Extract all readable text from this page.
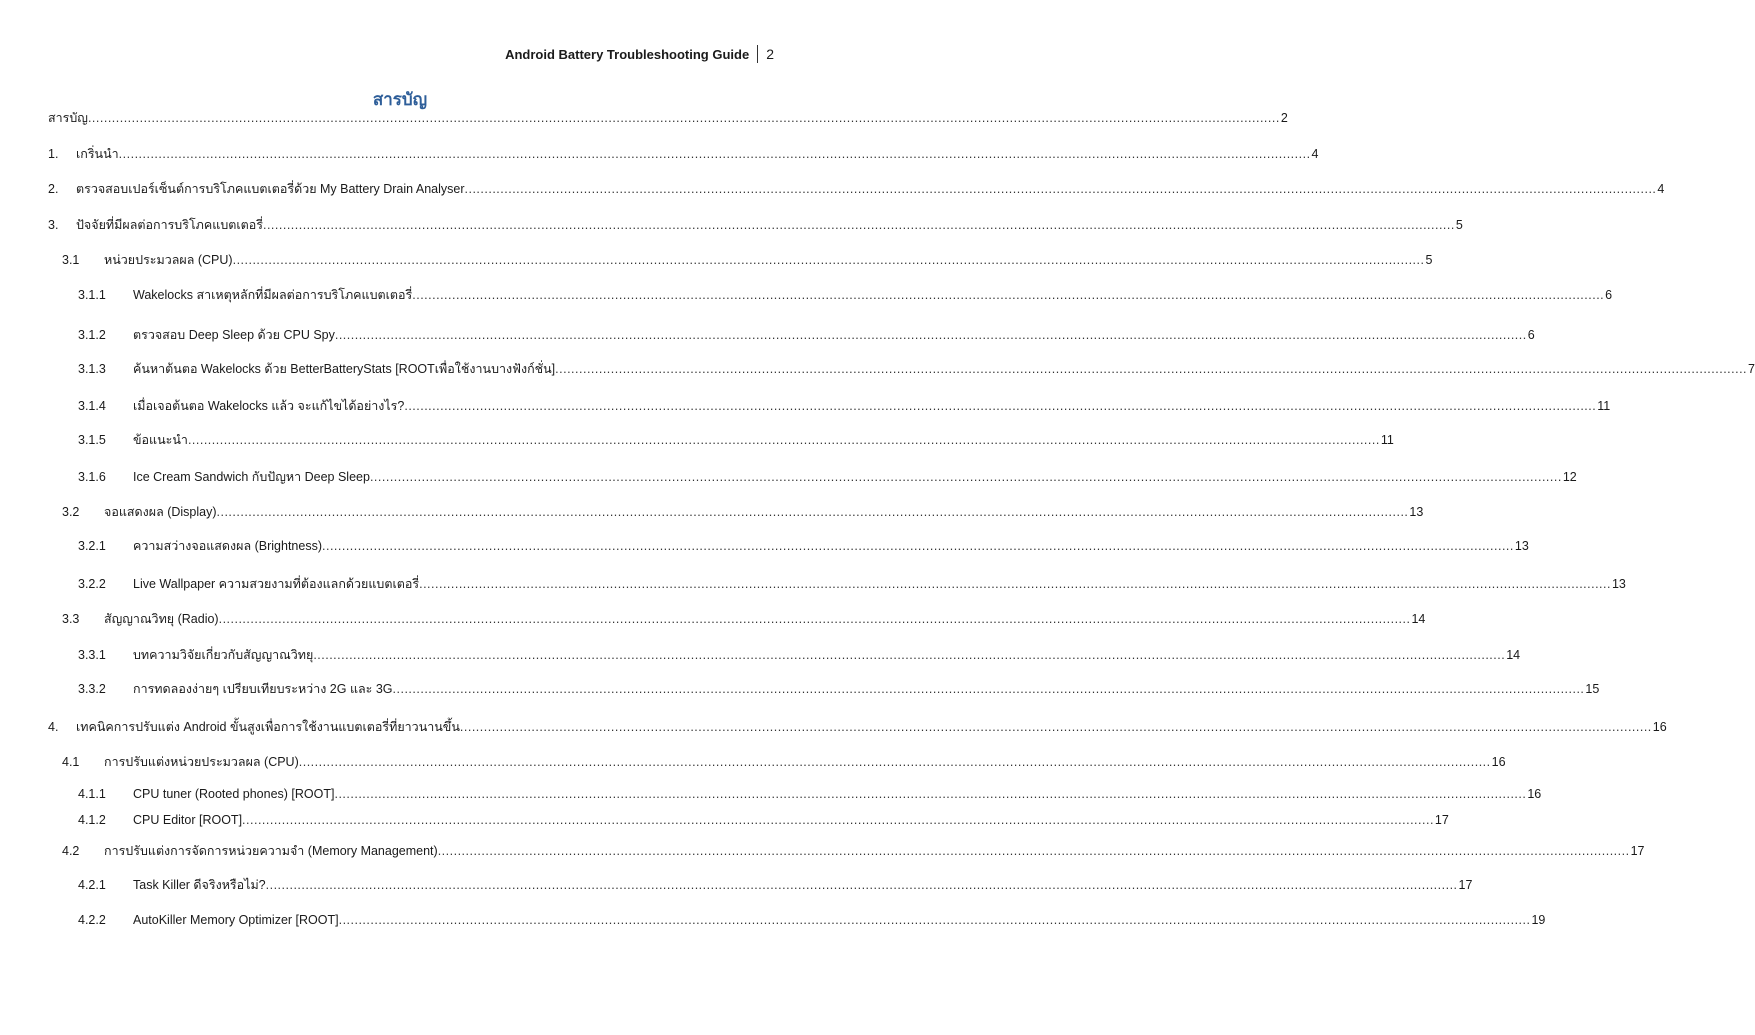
Android Battery Troubleshooting Guide	2
สารบัญ
สารบัญ ............................................................................................................................................................................................................................................................................................................ 2
1. เกริ่นนำ ............................................................................................................................................................................................................................................................................................................ 4
2. ตรวจสอบเปอร์เซ็นต์การบริโภคแบตเตอรี่ด้วย My Battery Drain Analyser ............................................................................................................................................................................................................................................................................................................ 4
3. ปัจจัยที่มีผลต่อการบริโภคแบตเตอรี่ ............................................................................................................................................................................................................................................................................................................ 5
3.1 หน่วยประมวลผล (CPU) ............................................................................................................................................................................................................................................................................................................ 5
3.1.1 Wakelocks สาเหตุหลักที่มีผลต่อการบริโภคแบตเตอรี่ ............................................................................................................................................................................................................................................................................................................ 6
3.1.2 ตรวจสอบ Deep Sleep ด้วย CPU Spy ............................................................................................................................................................................................................................................................................................................ 6
3.1.3 ค้นหาต้นตอ Wakelocks ด้วย BetterBatteryStats [ROOTเพื่อใช้งานบางฟังก์ชั่น] ............................................................................................................................................................................................................................................................................................................ 7
3.1.4 เมื่อเจอต้นตอ Wakelocks แล้ว จะแก้ไขได้อย่างไร? ............................................................................................................................................................................................................................................................................................................ 11
3.1.5 ข้อแนะนำ ............................................................................................................................................................................................................................................................................................................ 11
3.1.6 Ice Cream Sandwich กับปัญหา Deep Sleep ............................................................................................................................................................................................................................................................................................................ 12
3.2 จอแสดงผล (Display) ............................................................................................................................................................................................................................................................................................................ 13
3.2.1 ความสว่างจอแสดงผล (Brightness) ............................................................................................................................................................................................................................................................................................................ 13
3.2.2 Live Wallpaper ความสวยงามที่ต้องแลกด้วยแบตเตอรี่ ............................................................................................................................................................................................................................................................................................................ 13
3.3 สัญญาณวิทยุ (Radio) ............................................................................................................................................................................................................................................................................................................ 14
3.3.1 บทความวิจัยเกี่ยวกับสัญญาณวิทยุ ............................................................................................................................................................................................................................................................................................................ 14
3.3.2 การทดลองง่ายๆ เปรียบเทียบระหว่าง 2G และ 3G ............................................................................................................................................................................................................................................................................................................ 15
4. เทคนิคการปรับแต่ง Android ขั้นสูงเพื่อการใช้งานแบตเตอรี่ที่ยาวนานขึ้น ............................................................................................................................................................................................................................................................................................................ 16
4.1 การปรับแต่งหน่วยประมวลผล (CPU) ............................................................................................................................................................................................................................................................................................................ 16
4.1.1 CPU tuner (Rooted phones) [ROOT] ............................................................................................................................................................................................................................................................................................................ 16
4.1.2 CPU Editor [ROOT] ............................................................................................................................................................................................................................................................................................................ 17
4.2 การปรับแต่งการจัดการหน่วยความจำ (Memory Management) ............................................................................................................................................................................................................................................................................................................ 17
4.2.1 Task Killer ดีจริงหรือไม่? ............................................................................................................................................................................................................................................................................................................ 17
4.2.2 AutoKiller Memory Optimizer [ROOT] ............................................................................................................................................................................................................................................................................................................ 19
